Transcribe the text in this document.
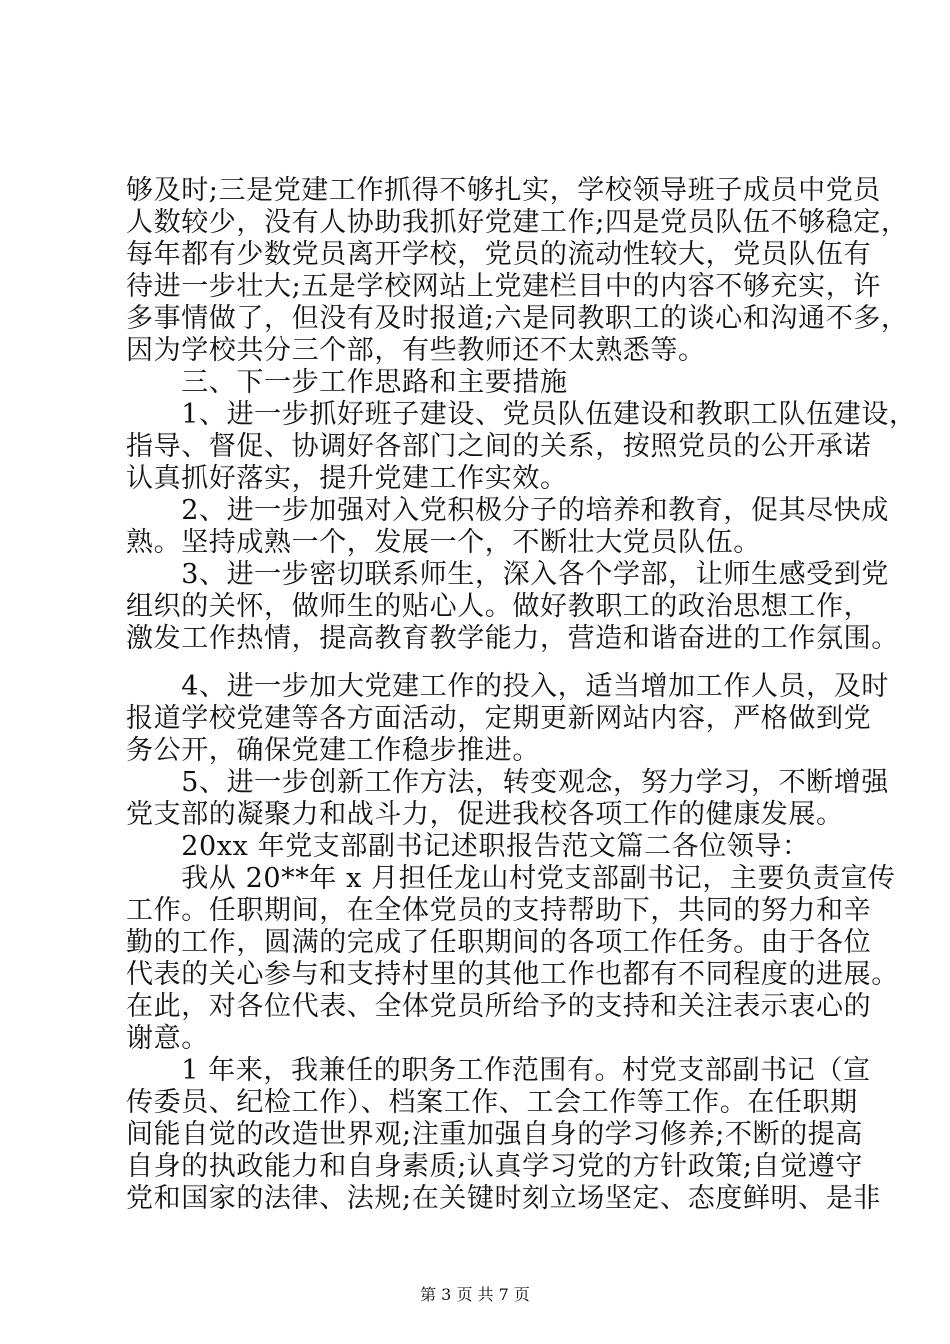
够及时;三是党建工作抓得不够扎实，学校领导班子成员中党员
人数较少，没有人协助我抓好党建工作;四是党员队伍不够稳定，
每年都有少数党员离开学校，党员的流动性较大，党员队伍有
待进一步壮大;五是学校网站上党建栏目中的内容不够充实，许
多事情做了，但没有及时报道;六是同教职工的谈心和沟通不多，
因为学校共分三个部，有些教师还不太熟悉等。
　　三、下一步工作思路和主要措施
　　1、进一步抓好班子建设、党员队伍建设和教职工队伍建设，
指导、督促、协调好各部门之间的关系，按照党员的公开承诺
认真抓好落实，提升党建工作实效。
　　2、进一步加强对入党积极分子的培养和教育，促其尽快成
熟。坚持成熟一个，发展一个，不断壮大党员队伍。
　　3、进一步密切联系师生，深入各个学部，让师生感受到党
组织的关怀，做师生的贴心人。做好教职工的政治思想工作，
激发工作热情，提高教育教学能力，营造和谐奋进的工作氛围。
　　4、进一步加大党建工作的投入，适当增加工作人员，及时
报道学校党建等各方面活动，定期更新网站内容，严格做到党
务公开，确保党建工作稳步推进。
　　5、进一步创新工作方法，转变观念，努力学习，不断增强
党支部的凝聚力和战斗力，促进我校各项工作的健康发展。
　　20xx 年党支部副书记述职报告范文篇二各位领导：
　　我从 20**年 x 月担任龙山村党支部副书记，主要负责宣传
工作。任职期间，在全体党员的支持帮助下，共同的努力和辛
勤的工作，圆满的完成了任职期间的各项工作任务。由于各位
代表的关心参与和支持村里的其他工作也都有不同程度的进展。
在此，对各位代表、全体党员所给予的支持和关注表示衷心的
谢意。
　　1 年来，我兼任的职务工作范围有。村党支部副书记（宣
传委员、纪检工作）、档案工作、工会工作等工作。在任职期
间能自觉的改造世界观;注重加强自身的学习修养;不断的提高
自身的执政能力和自身素质;认真学习党的方针政策;自觉遵守
党和国家的法律、法规;在关键时刻立场坚定、态度鲜明、是非
第 3 页 共 7 页
